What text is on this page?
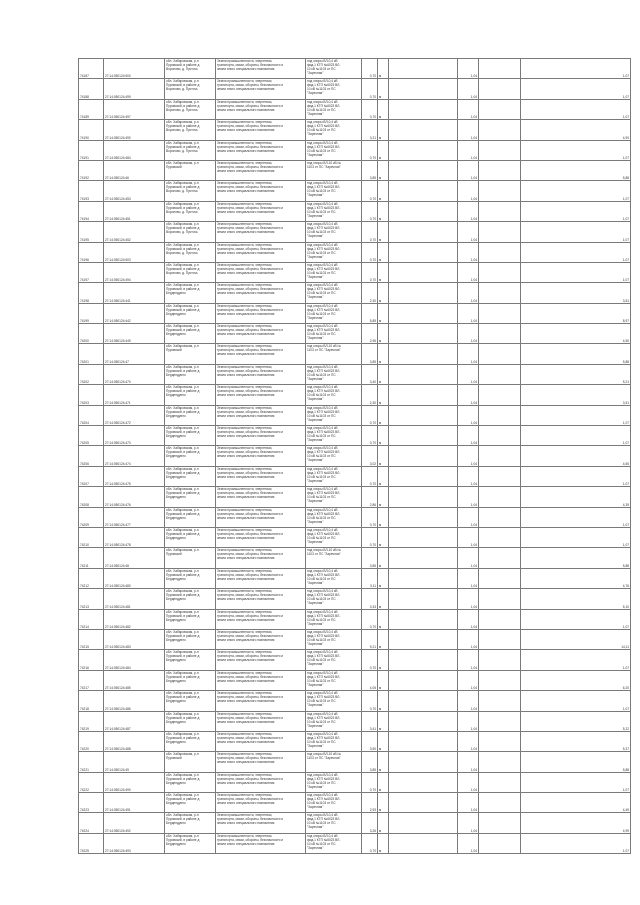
74187	27:14:050124:500	обл. Хабаровская, р-н
Пуровский, в районе д
Вороново, д. Пусточь	Земли промышленности, энергетики,
транспорта, связи, обороны, безопасности и
земли иного специального назначения	под опоры ВЛ-0,4 кВ
фид.1 КТП №6023 ВЛ-
10 кВ №1103 от ПС
"Заречная"	0,70	м		1,04		1,07
74188	27:14:050124:499	обл. Хабаровская, р-н
Пуровский, в районе д
Вороново, д. Пусточь	Земли промышленности, энергетики,
транспорта, связи, обороны, безопасности и
земли иного специального назначения	под опоры ВЛ-0,4 кВ
фид.1 КТП №6023 ВЛ-
10 кВ №1103 от ПС
"Заречная"	0,70	м		1,04		1,07
74189	27:14:050124:497	обл. Хабаровская, р-н
Пуровский, в районе д
Вороново, д. Пусточь	Земли промышленности, энергетики,
транспорта, связи, обороны, безопасности и
земли иного специального назначения	под опоры ВЛ-0,4 кВ
фид.1 КТП №6023 ВЛ-
10 кВ №1103 от ПС
"Заречная"	0,70	м		1,04		1,07
74190	27:14:050124:490	обл. Хабаровская, р-н
Пуровский, в районе д
Вороново, д. Пусточь	Земли промышленности, энергетики,
транспорта, связи, обороны, безопасности и
земли иного специального назначения	под опоры ВЛ-0,4 кВ
фид.1 КТП №6023 ВЛ-
10 кВ №1103 от ПС
"Заречная"	3,21	м		1,04		4,90
74191	27:14:050124:484	обл. Хабаровская, р-н
Пуровский, в районе д
Вороново, д. Пусточь	Земли промышленности, энергетики,
транспорта, связи, обороны, безопасности и
земли иного специального назначения	под опоры ВЛ-0,4 кВ
фид.1 КТП №6023 ВЛ-
10 кВ №1103 от ПС
"Заречная"	0,70	м		1,04		1,07
74192	27:14:050124:46	обл. Хабаровская, р-н
Пуровский	Земли промышленности, энергетики,
транспорта, связи, обороны, безопасности и
земли иного специального назначения	под опоры ВЛ-10 кВ №
1103 от ПС "Заречная"	3,85	м		1,04		5,88
74193	27:14:050124:453	обл. Хабаровская, р-н
Пуровский, в районе д
Вороново, д. Пусточь	Земли промышленности, энергетики,
транспорта, связи, обороны, безопасности и
земли иного специального назначения	под опоры ВЛ-0,4 кВ
фид.1 КТП №6023 ВЛ-
10 кВ №1103 от ПС
"Заречная"	0,70	м		1,04		1,07
74194	27:14:050124:451	обл. Хабаровская, р-н
Пуровский, в районе д
Вороново, д. Пусточь	Земли промышленности, энергетики,
транспорта, связи, обороны, безопасности и
земли иного специального назначения	под опоры ВЛ-0,4 кВ
фид.1 КТП №6023 ВЛ-
10 кВ №1103 от ПС
"Заречная"	0,70	м		1,04		1,07
74195	27:14:050124:452	обл. Хабаровская, р-н
Пуровский, в районе д
Вороново, д. Пусточь	Земли промышленности, энергетики,
транспорта, связи, обороны, безопасности и
земли иного специального назначения	под опоры ВЛ-0,4 кВ
фид.1 КТП №6023 ВЛ-
10 кВ №1103 от ПС
"Заречная"	0,70	м		1,04		1,07
74196	27:14:050124:503	обл. Хабаровская, р-н
Пуровский, в районе д
Вороново, д. Пусточь	Земли промышленности, энергетики,
транспорта, связи, обороны, безопасности и
земли иного специального назначения	под опоры ВЛ-0,4 кВ
фид.1 КТП №6023 ВЛ-
10 кВ №1103 от ПС
"Заречная"	0,70	м		1,04		1,07
74197	27:14:050124:494	обл. Хабаровская, р-н
Пуровский, в районе д
Вороново, д. Пусточь	Земли промышленности, энергетики,
транспорта, связи, обороны, безопасности и
земли иного специального назначения	под опоры ВЛ-0,4 кВ
фид.1 КТП №6023 ВЛ-
10 кВ №1103 от ПС
"Заречная"	0,70	м		1,04		1,07
74198	27:14:050124:441	обл. Хабаровская, р-н
Пуровский, в районе д
Бердендуино	Земли промышленности, энергетики,
транспорта, связи, обороны, безопасности и
земли иного специального назначения	под опоры ВЛ-0,4 кВ
фид.1 КТП №6023 ВЛ-
10 кВ №1103 от ПС
"Заречная"	2,30	м		1,04		3,51
74199	27:14:050124:442	обл. Хабаровская, р-н
Пуровский, в районе д
Бердендуино	Земли промышленности, энергетики,
транспорта, связи, обороны, безопасности и
земли иного специального назначения	под опоры ВЛ-0,4 кВ
фид.1 КТП №6023 ВЛ-
10 кВ №1103 от ПС
"Заречная"	5,85	м		1,04		8,97
74200	27:14:050124:449	обл. Хабаровская, р-н
Пуровский, в районе д
Бердендуино	Земли промышленности, энергетики,
транспорта, связи, обороны, безопасности и
земли иного специального назначения	под опоры ВЛ-0,4 кВ
фид.1 КТП №6023 ВЛ-
10 кВ №1103 от ПС
"Заречная"	2,96	м		1,04		4,50
74201	27:14:050124:47	обл. Хабаровская, р-н
Пуровский	Земли промышленности, энергетики,
транспорта, связи, обороны, безопасности и
земли иного специального назначения	под опоры ВЛ-10 кВ №
1103 от ПС "Заречная"	3,85	м		1,04		5,88
74202	27:14:050124:470	обл. Хабаровская, р-н
Пуровский, в районе д
Бердендуино	Земли промышленности, энергетики,
транспорта, связи, обороны, безопасности и
земли иного специального назначения	под опоры ВЛ-0,4 кВ
фид.1 КТП №6023 ВЛ-
10 кВ №1103 от ПС
"Заречная"	3,40	м		1,04		5,21
74203	27:14:050124:471	обл. Хабаровская, р-н
Пуровский, в районе д
Бердендуино	Земли промышленности, энергетики,
транспорта, связи, обороны, безопасности и
земли иного специального назначения	под опоры ВЛ-0,4 кВ
фид.1 КТП №6023 ВЛ-
10 кВ №1103 от ПС
"Заречная"	2,30	м		1,04		3,51
74204	27:14:050124:472	обл. Хабаровская, р-н
Пуровский, в районе д
Бердендуино	Земли промышленности, энергетики,
транспорта, связи, обороны, безопасности и
земли иного специального назначения	под опоры ВЛ-0,4 кВ
фид.1 КТП №6023 ВЛ-
10 кВ №1103 от ПС
"Заречная"	0,70	м		1,04		1,07
74205	27:14:050124:473	обл. Хабаровская, р-н
Пуровский, в районе д
Бердендуино	Земли промышленности, энергетики,
транспорта, связи, обороны, безопасности и
земли иного специального назначения	под опоры ВЛ-0,4 кВ
фид.1 КТП №6023 ВЛ-
10 кВ №1103 от ПС
"Заречная"	0,70	м		1,04		1,07
74206	27:14:050124:474	обл. Хабаровская, р-н
Пуровский, в районе д
Бердендуино	Земли промышленности, энергетики,
транспорта, связи, обороны, безопасности и
земли иного специального назначения	под опоры ВЛ-0,4 кВ
фид.1 КТП №6023 ВЛ-
10 кВ №1103 от ПС
"Заречная"	3,02	м		1,04		4,65
74207	27:14:050124:475	обл. Хабаровская, р-н
Пуровский, в районе д
Бердендуино	Земли промышленности, энергетики,
транспорта, связи, обороны, безопасности и
земли иного специального назначения	под опоры ВЛ-0,4 кВ
фид.1 КТП №6023 ВЛ-
10 кВ №1103 от ПС
"Заречная"	0,70	м		1,04		1,07
74208	27:14:050124:476	обл. Хабаровская, р-н
Пуровский, в районе д
Бердендуино	Земли промышленности, энергетики,
транспорта, связи, обороны, безопасности и
земли иного специального назначения	под опоры ВЛ-0,4 кВ
фид.1 КТП №6023 ВЛ-
10 кВ №1103 от ПС
"Заречная"	2,86	м		1,04		4,39
74209	27:14:050124:477	обл. Хабаровская, р-н
Пуровский, в районе д
Бердендуино	Земли промышленности, энергетики,
транспорта, связи, обороны, безопасности и
земли иного специального назначения	под опоры ВЛ-0,4 кВ
фид.1 КТП №6023 ВЛ-
10 кВ №1103 от ПС
"Заречная"	0,70	м		1,04		1,07
74210	27:14:050124:478	обл. Хабаровская, р-н
Пуровский, в районе д
Бердендуино	Земли промышленности, энергетики,
транспорта, связи, обороны, безопасности и
земли иного специального назначения	под опоры ВЛ-0,4 кВ
фид.1 КТП №6023 ВЛ-
10 кВ №1103 от ПС
"Заречная"	0,70	м		1,04		1,07
74211	27:14:050124:48	обл. Хабаровская, р-н
Пуровский	Земли промышленности, энергетики,
транспорта, связи, обороны, безопасности и
земли иного специального назначения	под опоры ВЛ-10 кВ №
1103 от ПС "Заречная"	3,85	м		1,04		5,88
74212	27:14:050124:480	обл. Хабаровская, р-н
Пуровский, в районе д
Бердендуино	Земли промышленности, энергетики,
транспорта, связи, обороны, безопасности и
земли иного специального назначения	под опоры ВЛ-0,4 кВ
фид.1 КТП №6023 ВЛ-
10 кВ №1103 от ПС
"Заречная"	3,11	м		1,04		4,76
74213	27:14:050124:481	обл. Хабаровская, р-н
Пуровский, в районе д
Бердендуино	Земли промышленности, энергетики,
транспорта, связи, обороны, безопасности и
земли иного специального назначения	под опоры ВЛ-0,4 кВ
фид.1 КТП №6023 ВЛ-
10 кВ №1103 от ПС
"Заречная"	3,33	м		1,04		5,10
74214	27:14:050124:482	обл. Хабаровская, р-н
Пуровский, в районе д
Бердендуино	Земли промышленности, энергетики,
транспорта, связи, обороны, безопасности и
земли иного специального назначения	под опоры ВЛ-0,4 кВ
фид.1 КТП №6023 ВЛ-
10 кВ №1103 от ПС
"Заречная"	0,70	м		1,04		1,07
74215	27:14:050124:483	обл. Хабаровская, р-н
Пуровский, в районе д
Бердендуино	Земли промышленности, энергетики,
транспорта, связи, обороны, безопасности и
земли иного специального назначения	под опоры ВЛ-0,4 кВ
фид.1 КТП №6023 ВЛ-
10 кВ №1103 от ПС
"Заречная"	9,21	м		1,04		14,11
74216	27:14:050124:484	обл. Хабаровская, р-н
Пуровский, в районе д
Бердендуино	Земли промышленности, энергетики,
транспорта, связи, обороны, безопасности и
земли иного специального назначения	под опоры ВЛ-0,4 кВ
фид.1 КТП №6023 ВЛ-
10 кВ №1103 от ПС
"Заречная"	0,70	м		1,04		1,07
74217	27:14:050124:485	обл. Хабаровская, р-н
Пуровский, в районе д
Бердендуино	Земли промышленности, энергетики,
транспорта, связи, обороны, безопасности и
земли иного специального назначения	под опоры ВЛ-0,4 кВ
фид.1 КТП №6023 ВЛ-
10 кВ №1103 от ПС
"Заречная"	4,05	м		1,04		6,20
74218	27:14:050124:486	обл. Хабаровская, р-н
Пуровский, в районе д
Бердендуино	Земли промышленности, энергетики,
транспорта, связи, обороны, безопасности и
земли иного специального назначения	под опоры ВЛ-0,4 кВ
фид.1 КТП №6023 ВЛ-
10 кВ №1103 от ПС
"Заречная"	0,70	м		1,04		1,07
74219	27:14:050124:487	обл. Хабаровская, р-н
Пуровский, в районе д
Бердендуино	Земли промышленности, энергетики,
транспорта, связи, обороны, безопасности и
земли иного специального назначения	под опоры ВЛ-0,4 кВ
фид.1 КТП №6023 ВЛ-
10 кВ №1103 от ПС
"Заречная"	3,41	м		1,04		5,22
74220	27:14:050124:488	обл. Хабаровская, р-н
Пуровский, в районе д
Бердендуино	Земли промышленности, энергетики,
транспорта, связи, обороны, безопасности и
земли иного специального назначения	под опоры ВЛ-0,4 кВ
фид.1 КТП №6023 ВЛ-
10 кВ №1103 от ПС
"Заречная"	3,50	м		1,04		5,37
74221	27:14:050124:49	обл. Хабаровская, р-н
Пуровский	Земли промышленности, энергетики,
транспорта, связи, обороны, безопасности и
земли иного специального назначения	под опоры ВЛ-10 кВ №
1103 от ПС "Заречная"	3,85	м		1,04		5,88
74222	27:14:050124:490	обл. Хабаровская, р-н
Пуровский, в районе д
Бердендуино	Земли промышленности, энергетики,
транспорта, связи, обороны, безопасности и
земли иного специального назначения	под опоры ВЛ-0,4 кВ
фид.1 КТП №6023 ВЛ-
10 кВ №1103 от ПС
"Заречная"	0,70	м		1,04		1,07
74223	27:14:050124:491	обл. Хабаровская, р-н
Пуровский, в районе д
Бердендуино	Земли промышленности, энергетики,
транспорта, связи, обороны, безопасности и
земли иного специального назначения	под опоры ВЛ-0,4 кВ
фид.1 КТП №6023 ВЛ-
10 кВ №1103 от ПС
"Заречная"	2,93	м		1,04		4,49
74224	27:14:050124:492	обл. Хабаровская, р-н
Пуровский, в районе д
Бердендуино	Земли промышленности, энергетики,
транспорта, связи, обороны, безопасности и
земли иного специального назначения	под опоры ВЛ-0,4 кВ
фид.1 КТП №6023 ВЛ-
10 кВ №1103 от ПС
"Заречная"	3,26	м		1,04		4,99
74225	27:14:050124:493	обл. Хабаровская, р-н
Пуровский, в районе д
Бердендуино	Земли промышленности, энергетики,
транспорта, связи, обороны, безопасности и
земли иного специального назначения	под опоры ВЛ-0,4 кВ
фид.1 КТП №6023 ВЛ-
10 кВ №1103 от ПС
"Заречная"	0,70	м		1,04		1,07
